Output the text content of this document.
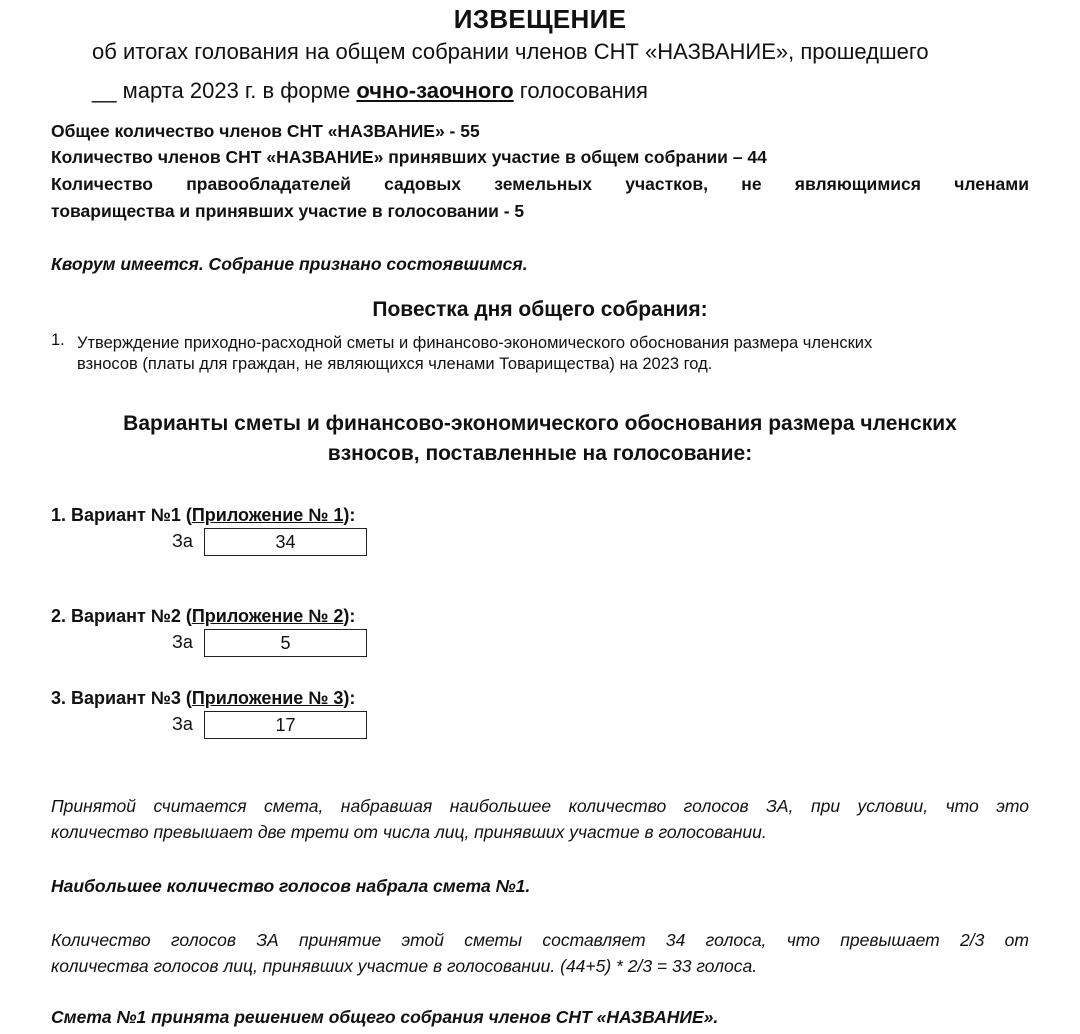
ИЗВЕЩЕНИЕ
об итогах голования на общем собрании членов СНТ «НАЗВАНИЕ», прошедшего
__ марта 2023 г. в форме очно-заочного голосования
Общее количество членов СНТ «НАЗВАНИЕ» - 55
Количество членов СНТ «НАЗВАНИЕ» принявших участие в общем собрании – 44
Количество правообладателей садовых земельных участков, не являющимися членами
товарищества и принявших участие в голосовании - 5
Кворум имеется. Собрание признано состоявшимся.
Повестка дня общего собрания:
1. Утверждение приходно-расходной сметы и финансово-экономического обоснования размера членских
взносов (платы для граждан, не являющихся членами Товарищества) на 2023 год.
Варианты сметы и финансово-экономического обоснования размера членских
взносов, поставленные на голосование:
1. Вариант №1 (Приложение № 1):
За	34
2. Вариант №2 (Приложение № 2):
За	5
3. Вариант №3 (Приложение № 3):
За	17
Принятой считается смета, набравшая наибольшее количество голосов ЗА, при условии, что это
количество превышает две трети от числа лиц, принявших участие в голосовании.
Наибольшее количество голосов набрала смета №1.
Количество голосов ЗА принятие этой сметы составляет 34 голоса, что превышает 2/3 от
количества голосов лиц, принявших участие в голосовании. (44+5) * 2/3 = 33 голоса.
Смета №1 принята решением общего собрания членов СНТ «НАЗВАНИЕ».
